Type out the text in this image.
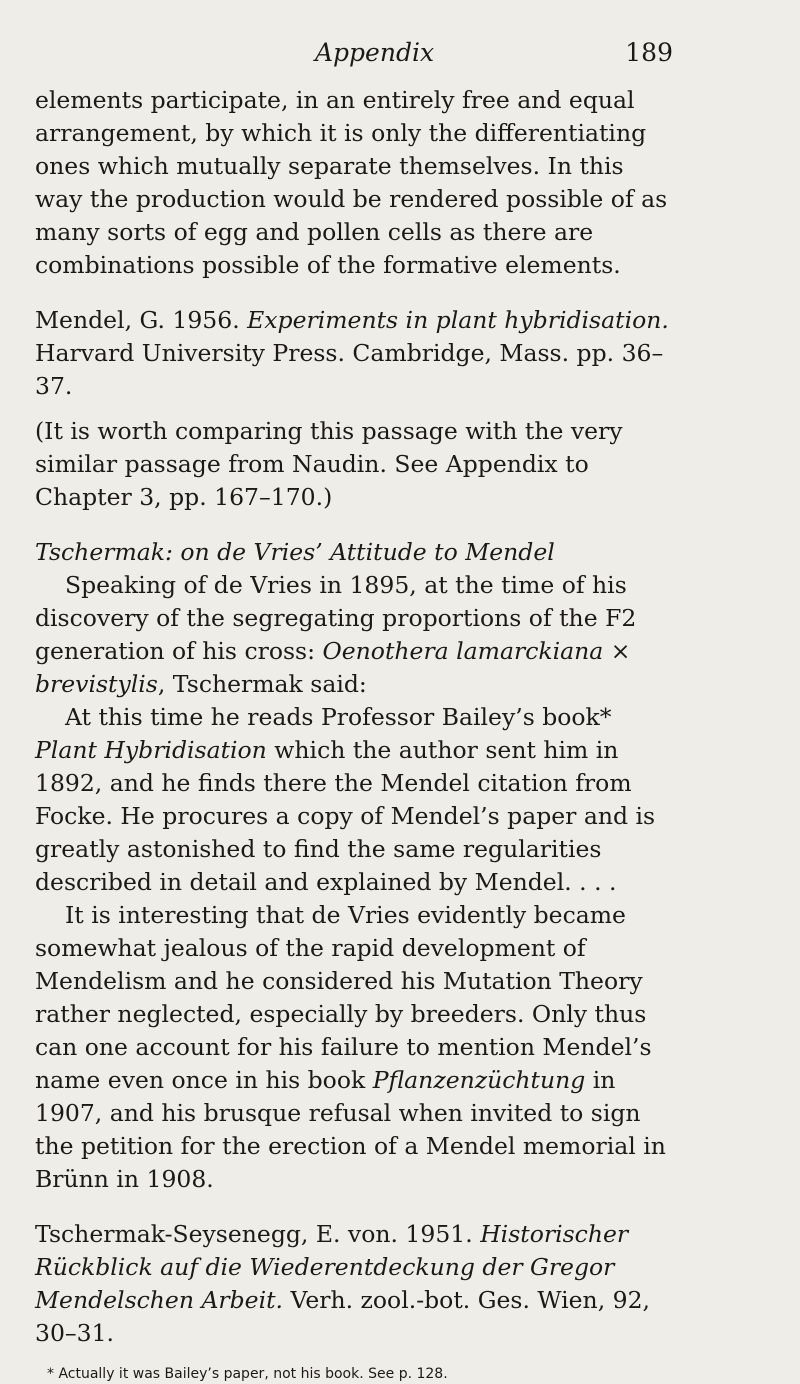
Appendix	189

elements participate, in an entirely free and equal arrangement, by which it is only the differentiating ones which mutually separate themselves. In this way the production would be rendered possible of as many sorts of egg and pollen cells as there are combinations possible of the formative elements.

Mendel, G. 1956. Experiments in plant hybridisation. Harvard University Press. Cambridge, Mass. pp. 36–37.

(It is worth comparing this passage with the very similar passage from Naudin. See Appendix to Chapter 3, pp. 167–170.)

Tschermak: on de Vries’ Attitude to Mendel

Speaking of de Vries in 1895, at the time of his discovery of the segregating proportions of the F2 generation of his cross: Oenothera lamarckiana × brevistylis, Tschermak said:

At this time he reads Professor Bailey’s book* Plant Hybridisation which the author sent him in 1892, and he finds there the Mendel citation from Focke. He procures a copy of Mendel’s paper and is greatly astonished to find the same regularities described in detail and explained by Mendel. . . .

It is interesting that de Vries evidently became somewhat jealous of the rapid development of Mendelism and he considered his Mutation Theory rather neglected, especially by breeders. Only thus can one account for his failure to mention Mendel’s name even once in his book Pflanzenzüchtung in 1907, and his brusque refusal when invited to sign the petition for the erection of a Mendel memorial in Brünn in 1908.

Tschermak-Seysenegg, E. von. 1951. Historischer Rückblick auf die Wiederentdeckung der Gregor Mendelschen Arbeit. Verh. zool.-bot. Ges. Wien, 92, 30–31.

* Actually it was Bailey’s paper, not his book. See p. 128.
